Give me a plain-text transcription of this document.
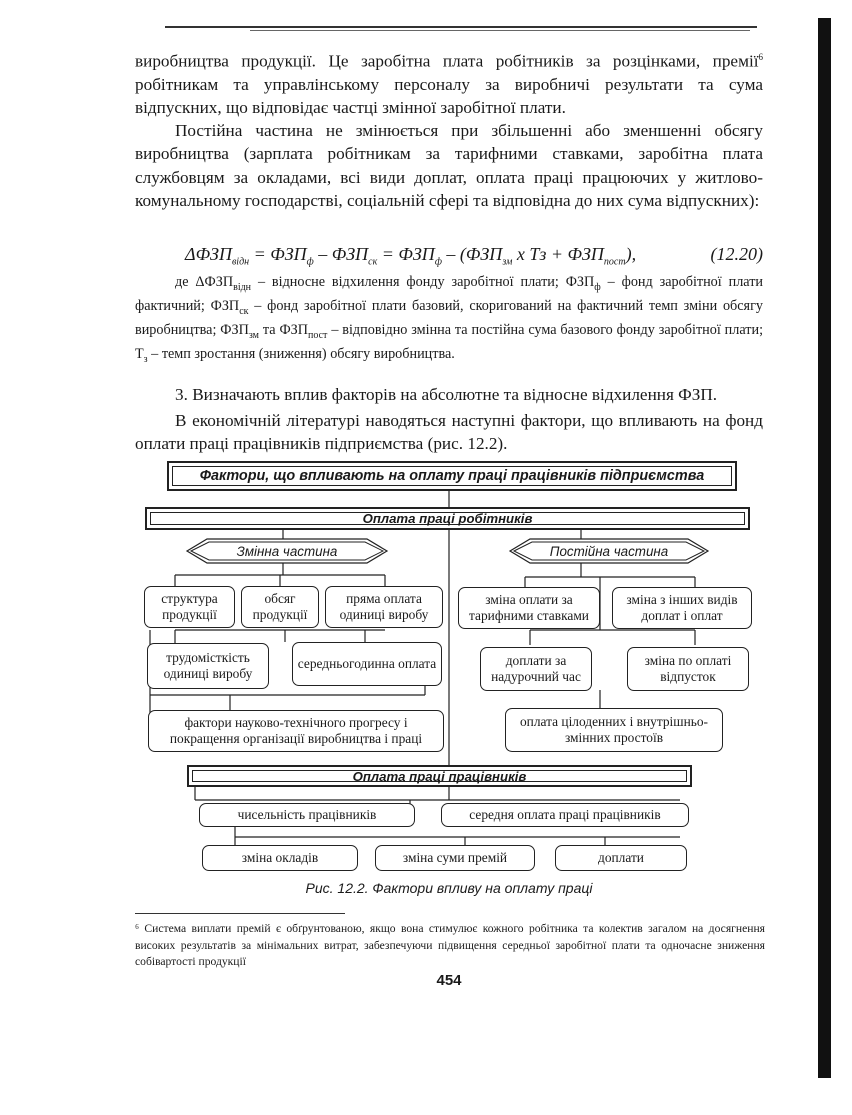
виробництва продукції. Це заробітна плата робітників за розцінками, премії$^6$ робітникам та управлінському персоналу за виробничі результати та сума відпускних, що відповідає частці змінної заробітної плати.
Постійна частина не змінюється при збільшенні або зменшенні обсягу виробництва (зарплата робітникам за тарифними ставками, заробітна плата службовцям за окладами, всі види доплат, оплата праці працюючих у житлово-комунальному господарстві, соціальній сфері та відповідна до них сума відпускних):
$\Delta ФЗП_{відн} = ФЗП_ф - ФЗП_{ск} = ФЗП_ф - (ФЗП_{зм}$ х Тз + $ФЗП_{пост}$),	(12.20)
де $\Delta ФЗП_{відн}$ – відносне відхилення фонду заробітної плати; $ФЗП_ф$ – фонд заробітної плати фактичний; $ФЗП_{ск}$ – фонд заробітної плати базовий, скоригований на фактичний темп зміни обсягу виробництва; $ФЗП_{зм}$ та $ФЗП_{пост}$ – відповідно змінна та постійна сума базового фонду заробітної плати; $Т_з$ – темп зростання (зниження) обсягу виробництва.
3. Визначають вплив факторів на абсолютне та відносне відхилення ФЗП.
В економічній літературі наводяться наступні фактори, що впливають на фонд оплати праці працівників підприємства (рис. 12.2).
Фактори, що впливають на оплату праці працівників підприємства
Оплата праці робітників
Змінна частина	Постійна частина
структура продукції
обсяг продукції
пряма оплата одиниці виробу
трудомісткість одиниці виробу
середньогодинна оплата
фактори науково-технічного прогресу і покращення організації виробництва і праці
зміна оплати за тарифними ставками
зміна з інших видів доплат і оплат
доплати за надурочний час
зміна по оплаті відпусток
оплата цілоденних і внутрішньо-змінних простоїв
Оплата праці працівників
чисельність працівників	середня оплата праці працівників
зміна окладів	зміна суми премій	доплати
Рис. 12.2. Фактори впливу на оплату праці
⁶ Система виплати премій є обґрунтованою, якщо вона стимулює кожного робітника та колектив загалом на досягнення високих результатів за мінімальних витрат, забезпечуючи підвищення середньої заробітної плати та одночасне зниження собівартості продукції
454
